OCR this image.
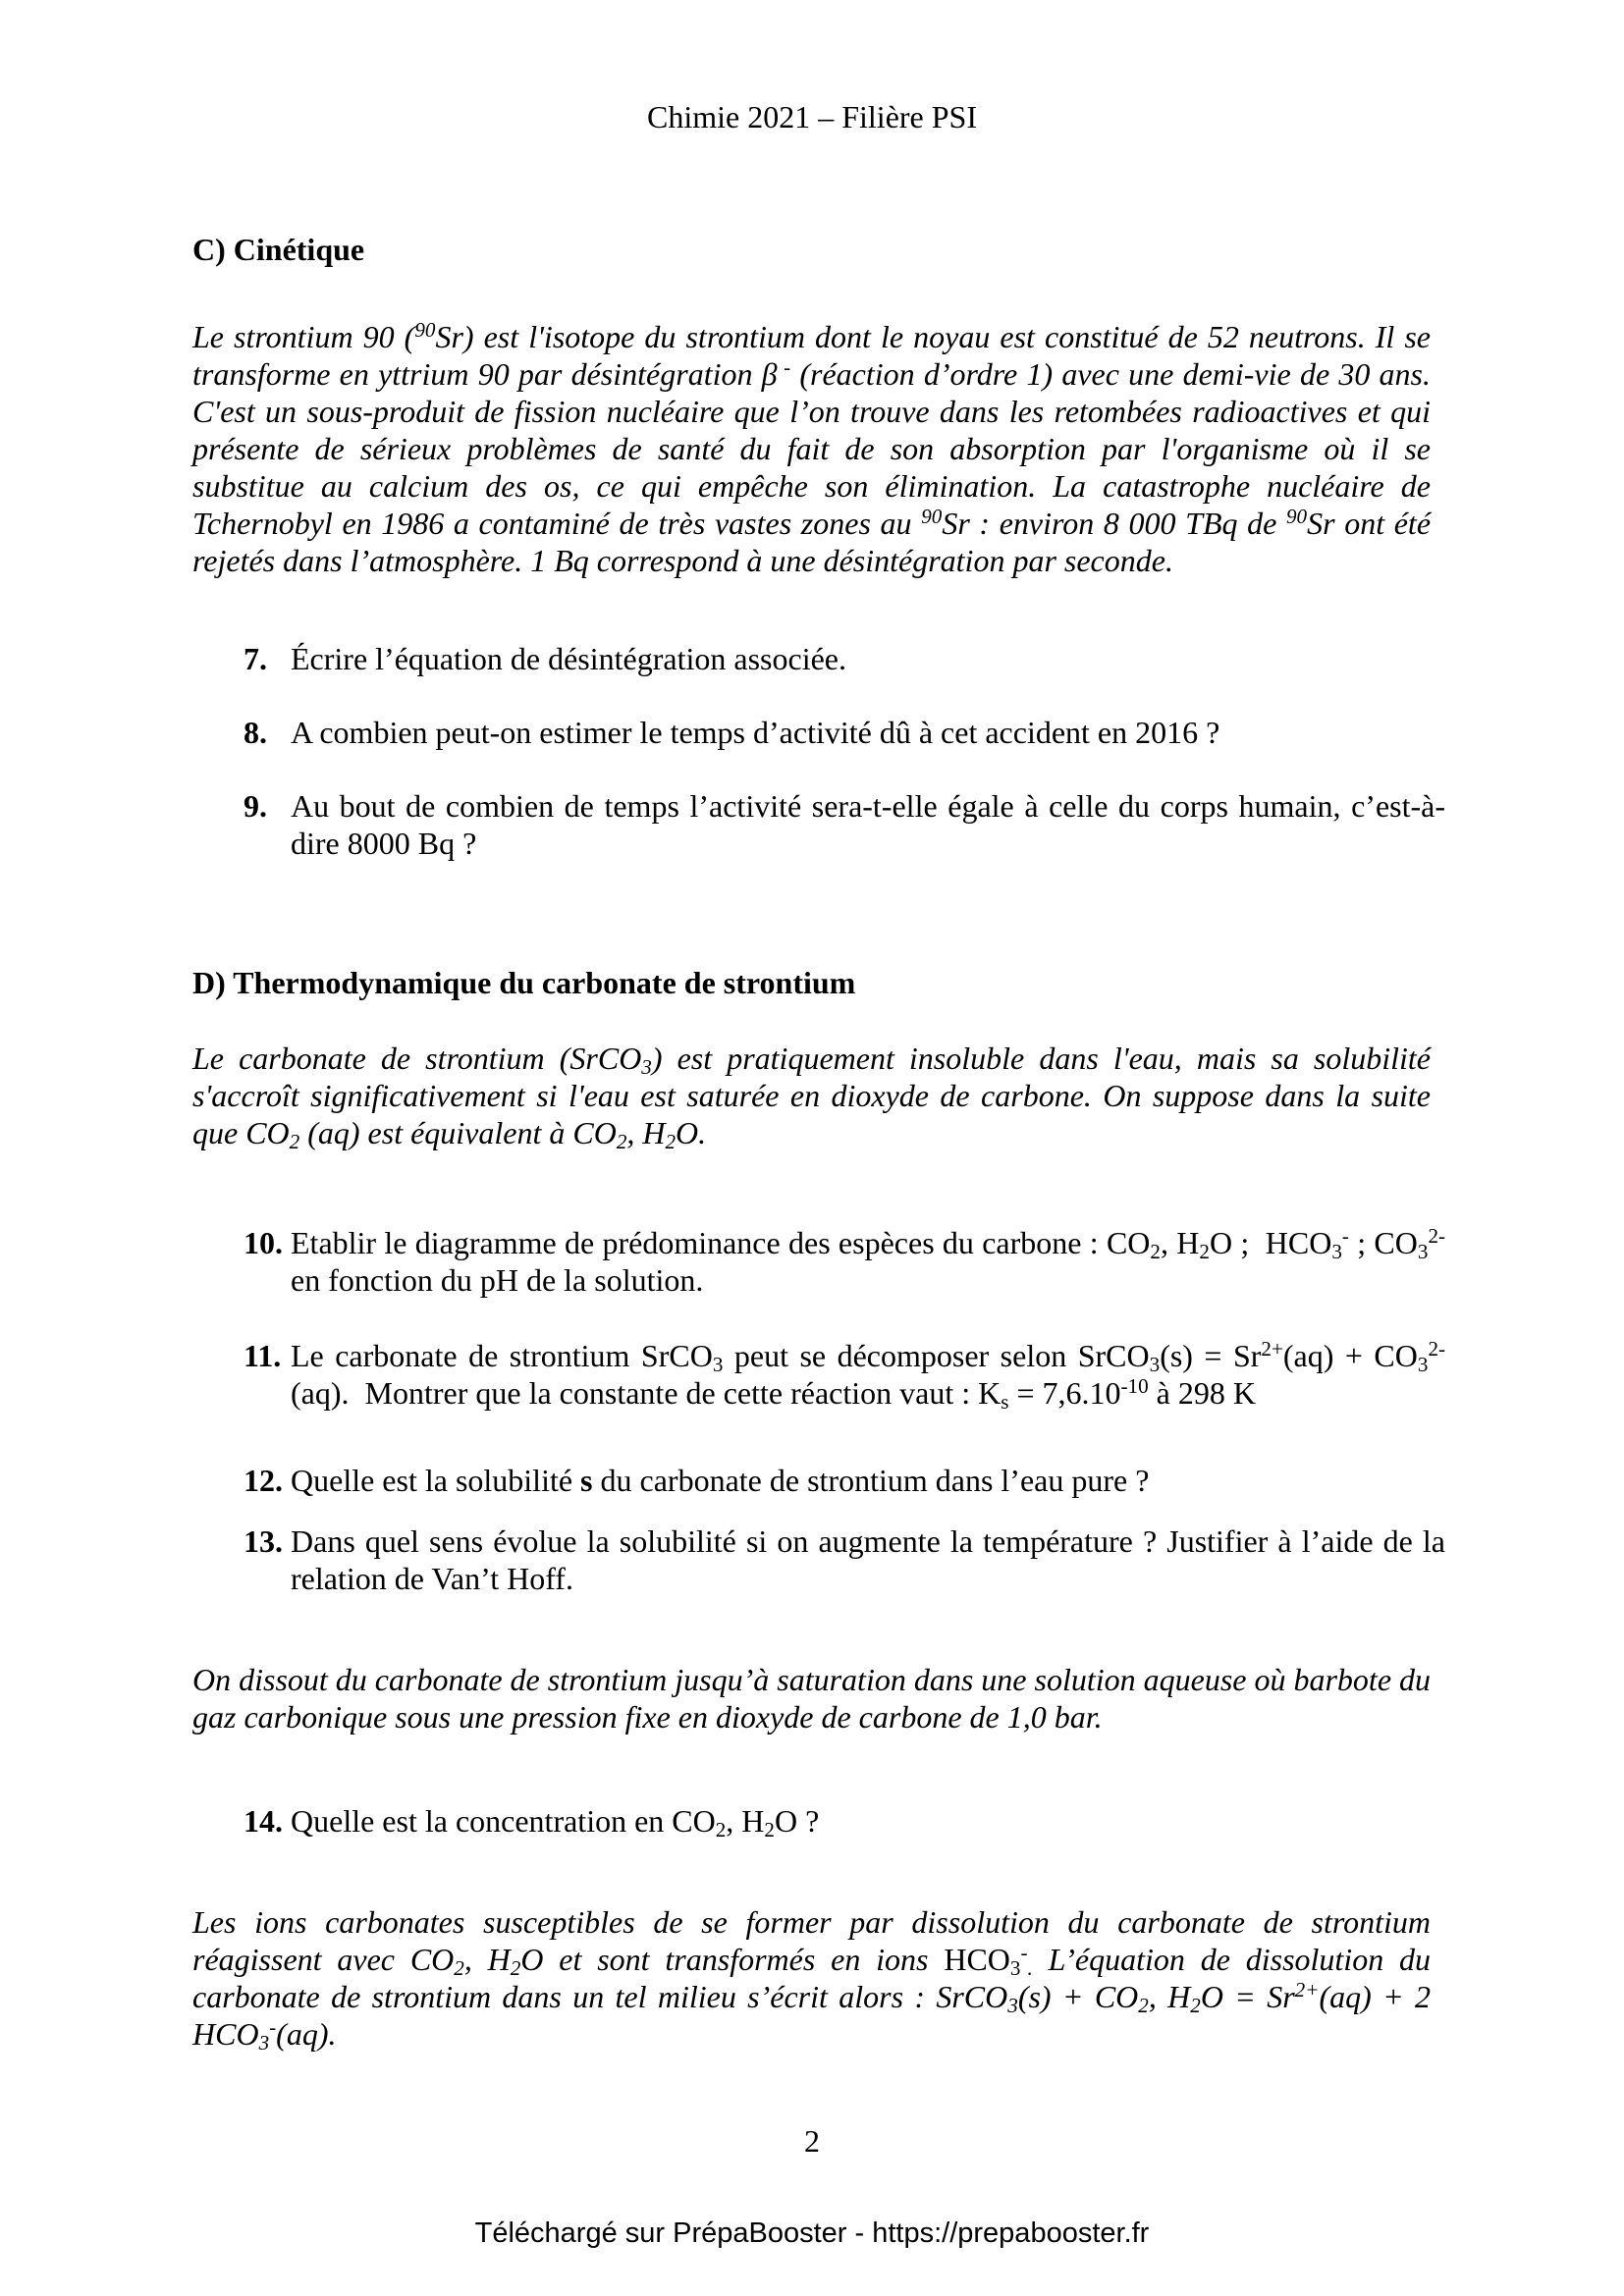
Chimie 2021 – Filière PSI
C) Cinétique
Le strontium 90 ($^{90}$Sr) est l'isotope du strontium dont le noyau est constitué de 52 neutrons. Il se transforme en yttrium 90 par désintégration β - (réaction d’ordre 1) avec une demi-vie de 30 ans. C'est un sous-produit de fission nucléaire que l’on trouve dans les retombées radioactives et qui présente de sérieux problèmes de santé du fait de son absorption par l'organisme où il se substitue au calcium des os, ce qui empêche son élimination. La catastrophe nucléaire de Tchernobyl en 1986 a contaminé de très vastes zones au $^{90}$Sr : environ 8 000 TBq de $^{90}$Sr ont été rejetés dans l’atmosphère. 1 Bq correspond à une désintégration par seconde.
7. Écrire l’équation de désintégration associée.
8. A combien peut-on estimer le temps d’activité dû à cet accident en 2016 ?
9. Au bout de combien de temps l’activité sera-t-elle égale à celle du corps humain, c’est-à-dire 8000 Bq ?
D) Thermodynamique du carbonate de strontium
Le carbonate de strontium (SrCO$_3$) est pratiquement insoluble dans l'eau, mais sa solubilité s'accroît significativement si l'eau est saturée en dioxyde de carbone. On suppose dans la suite que $CO_2$ (aq) est équivalent à $CO_2$, $H_2O$.
10. Etablir le diagramme de prédominance des espèces du carbone : $CO_2$, $H_2O$ ;  $HCO_3^-$ ; $CO_3^{2-}$ en fonction du pH de la solution.
11. Le carbonate de strontium SrCO$_3$ peut se décomposer selon SrCO$_3$(s) = $Sr^{2+}(aq) + CO_3^{2-}(aq)$.  Montrer que la constante de cette réaction vaut : $K_s = 7,6.10^{-10}$ à 298 K
12. Quelle est la solubilité s du carbonate de strontium dans l’eau pure ?
13. Dans quel sens évolue la solubilité si on augmente la température ? Justifier à l’aide de la relation de Van’t Hoff.
On dissout du carbonate de strontium jusqu’à saturation dans une solution aqueuse où barbote du gaz carbonique sous une pression fixe en dioxyde de carbone de 1,0 bar.
14. Quelle est la concentration en $CO_2$, $H_2O$ ?
Les ions carbonates susceptibles de se former par dissolution du carbonate de strontium réagissent avec $CO_2$, $H_2O$ et sont transformés en ions $HCO_3^-_.$ L’équation de dissolution du carbonate de strontium dans un tel milieu s’écrit alors : SrCO$_3$(s) + $CO_2$, $H_2O = Sr^{2+}(aq) + 2$ $HCO_3^-(aq)$.
2
Téléchargé sur PrépaBooster - https://prepabooster.fr
